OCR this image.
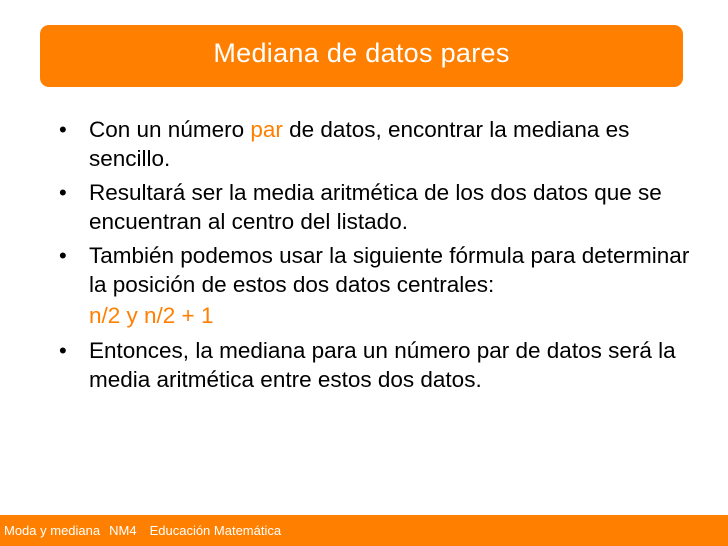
Mediana de datos pares
• Con un número par de datos, encontrar la mediana es sencillo.
• Resultará ser la media aritmética de los dos datos que se encuentran al centro del listado.
• También podemos usar la siguiente fórmula para determinar la posición de estos dos datos centrales:
n/2 y n/2 + 1
• Entonces, la mediana para un número par de datos será la media aritmética entre estos dos datos.
Moda y mediana NM4	Educación Matemática
